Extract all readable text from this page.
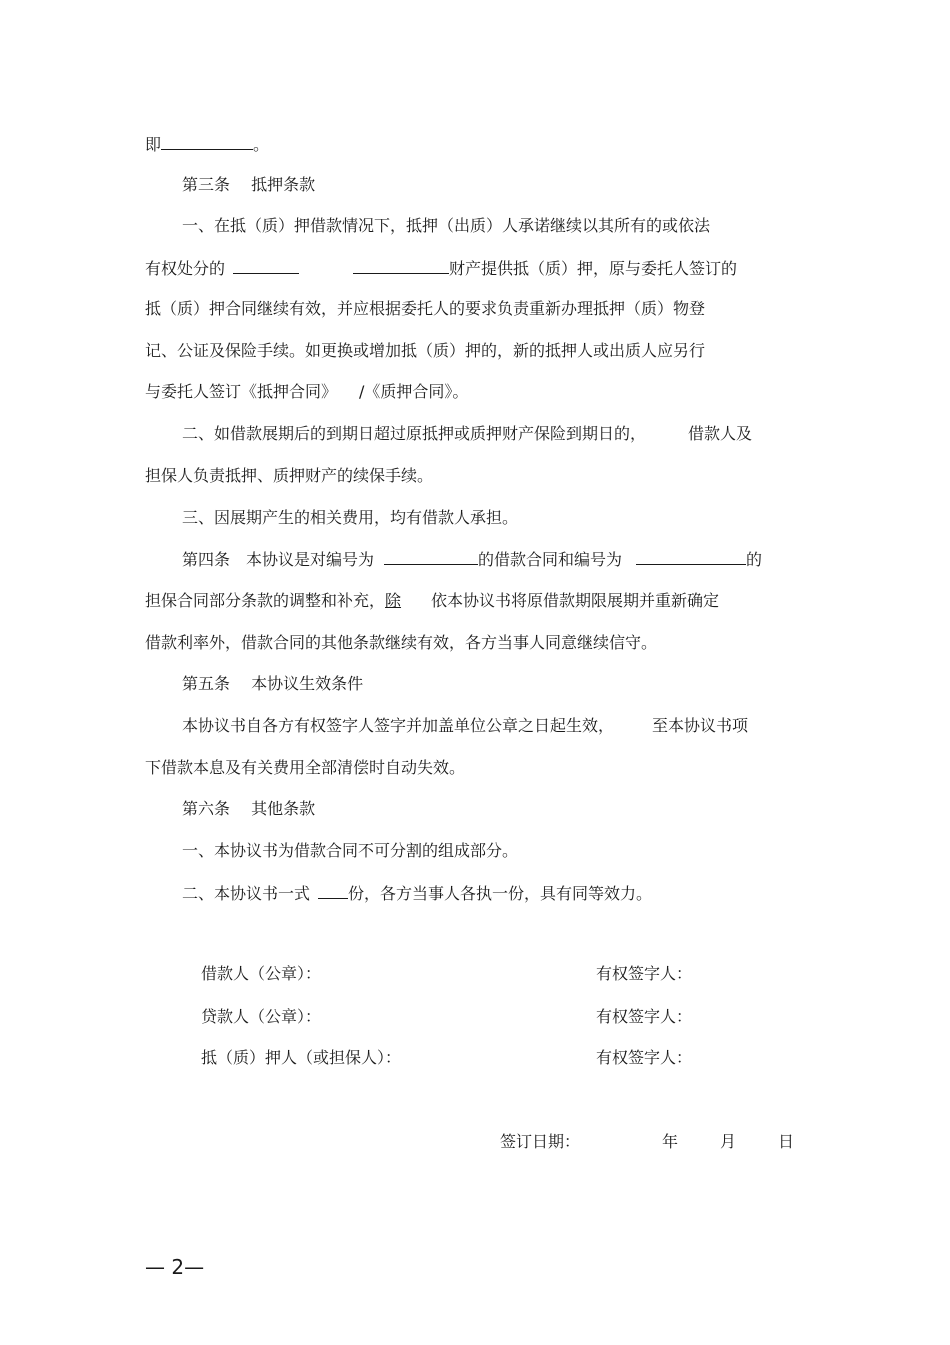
即	。
第三条　 抵押条款
一、在抵（质）押借款情况下，抵押（出质）人承诺继续以其所有的或依法
有权处分的	财产提供抵（质）押，原与委托人签订的
抵（质）押合同继续有效，并应根据委托人的要求负责重新办理抵押（质）物登
记、公证及保险手续。如更换或增加抵（质）押的，新的抵押人或出质人应另行
与委托人签订《抵押合同》 /《质押合同》。
二、如借款展期后的到期日超过原抵押或质押财产保险到期日的，	借款人及
担保人负责抵押、质押财产的续保手续。
三、因展期产生的相关费用，均有借款人承担。
第四条　本协议是对编号为	的借款合同和编号为	的
担保合同部分条款的调整和补充，除 依本协议书将原借款期限展期并重新确定
借款利率外，借款合同的其他条款继续有效，各方当事人同意继续信守。
第五条　 本协议生效条件
本协议书自各方有权签字人签字并加盖单位公章之日起生效， 至本协议书项
下借款本息及有关费用全部清偿时自动失效。
第六条　 其他条款
一、本协议书为借款合同不可分割的组成部分。
二、本协议书一式 份，各方当事人各执一份，具有同等效力。
借款人（公章）：	有权签字人：
贷款人（公章）：	有权签字人：
抵（质）押人（或担保人）：	有权签字人：
签订日期：	年	月	日
— 2—
